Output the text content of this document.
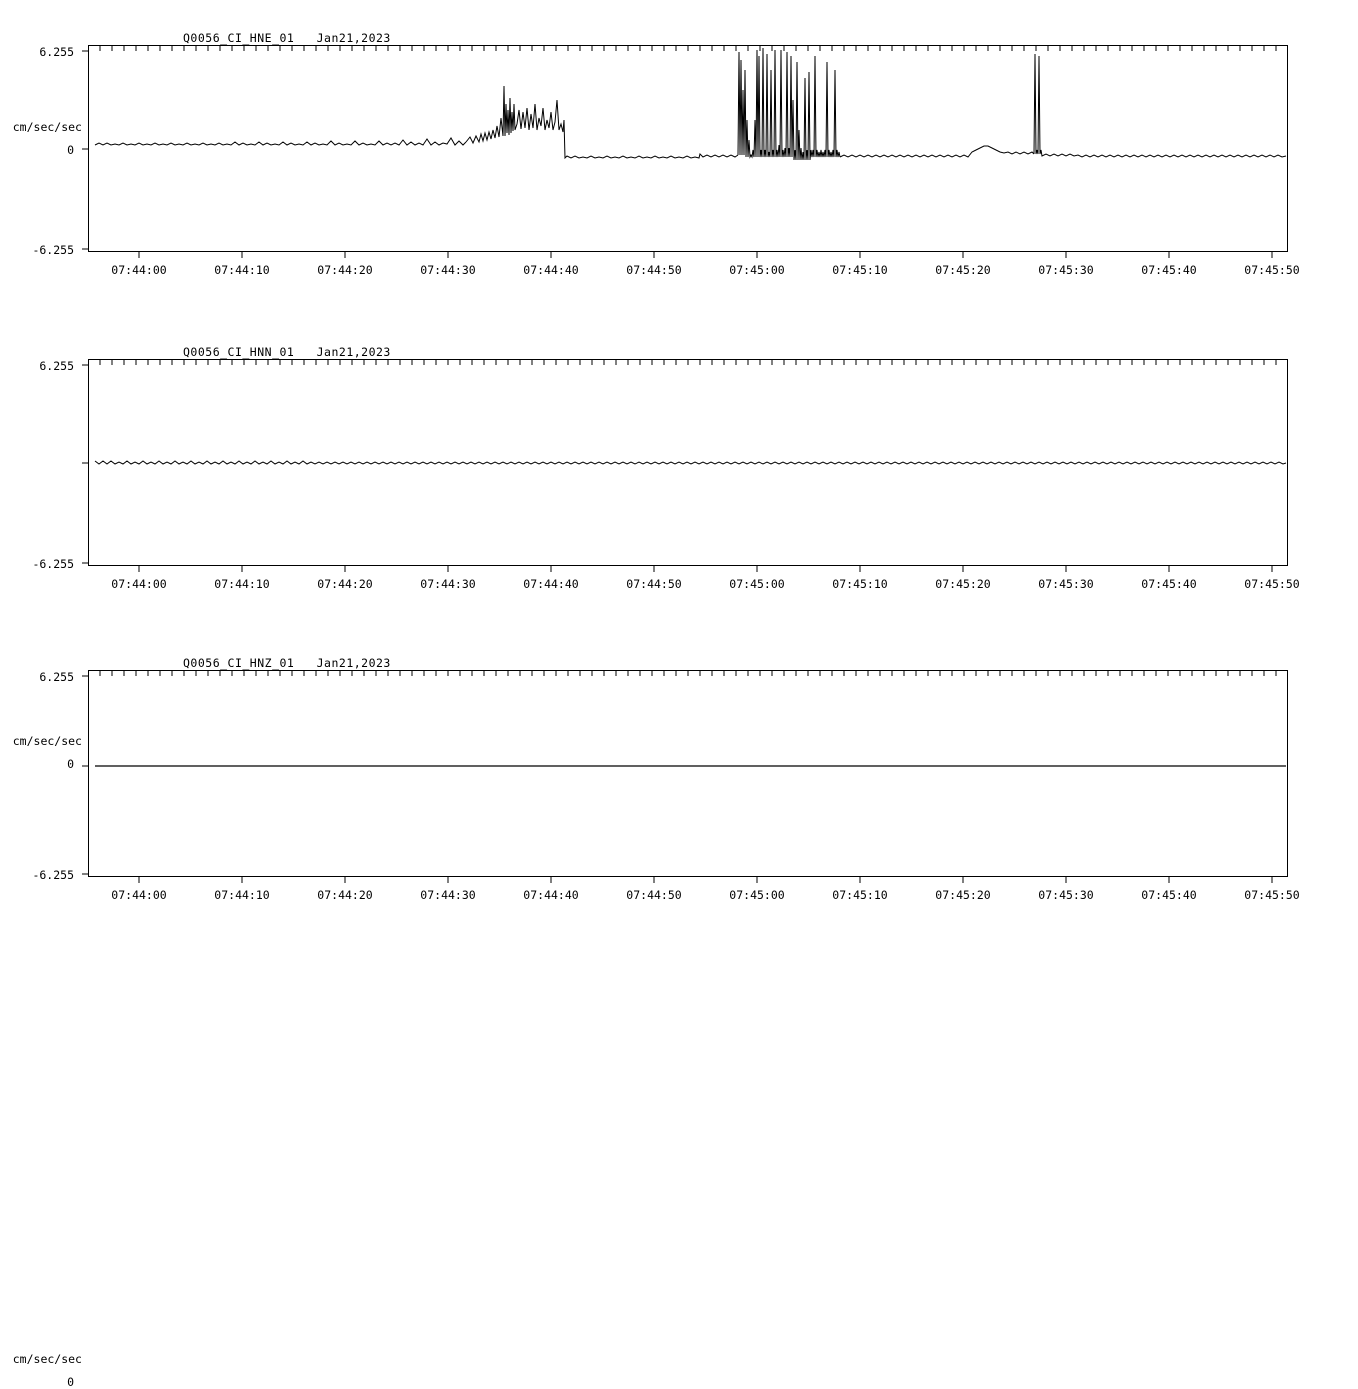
Q0056_CI_HNE_01   Jan21,2023
cm/sec/sec
6.255
0
-6.255
07:44:00	07:44:10	07:44:20	07:44:30	07:44:40	07:44:50	07:45:00	07:45:10	07:45:20	07:45:30	07:45:40	07:45:50
Q0056_CI_HNN_01   Jan21,2023
cm/sec/sec
6.255
0
-6.255
07:44:00	07:44:10	07:44:20	07:44:30	07:44:40	07:44:50	07:45:00	07:45:10	07:45:20	07:45:30	07:45:40	07:45:50
Q0056_CI_HNZ_01   Jan21,2023
cm/sec/sec
6.255
0
-6.255
07:44:00	07:44:10	07:44:20	07:44:30	07:44:40	07:44:50	07:45:00	07:45:10	07:45:20	07:45:30	07:45:40	07:45:50
